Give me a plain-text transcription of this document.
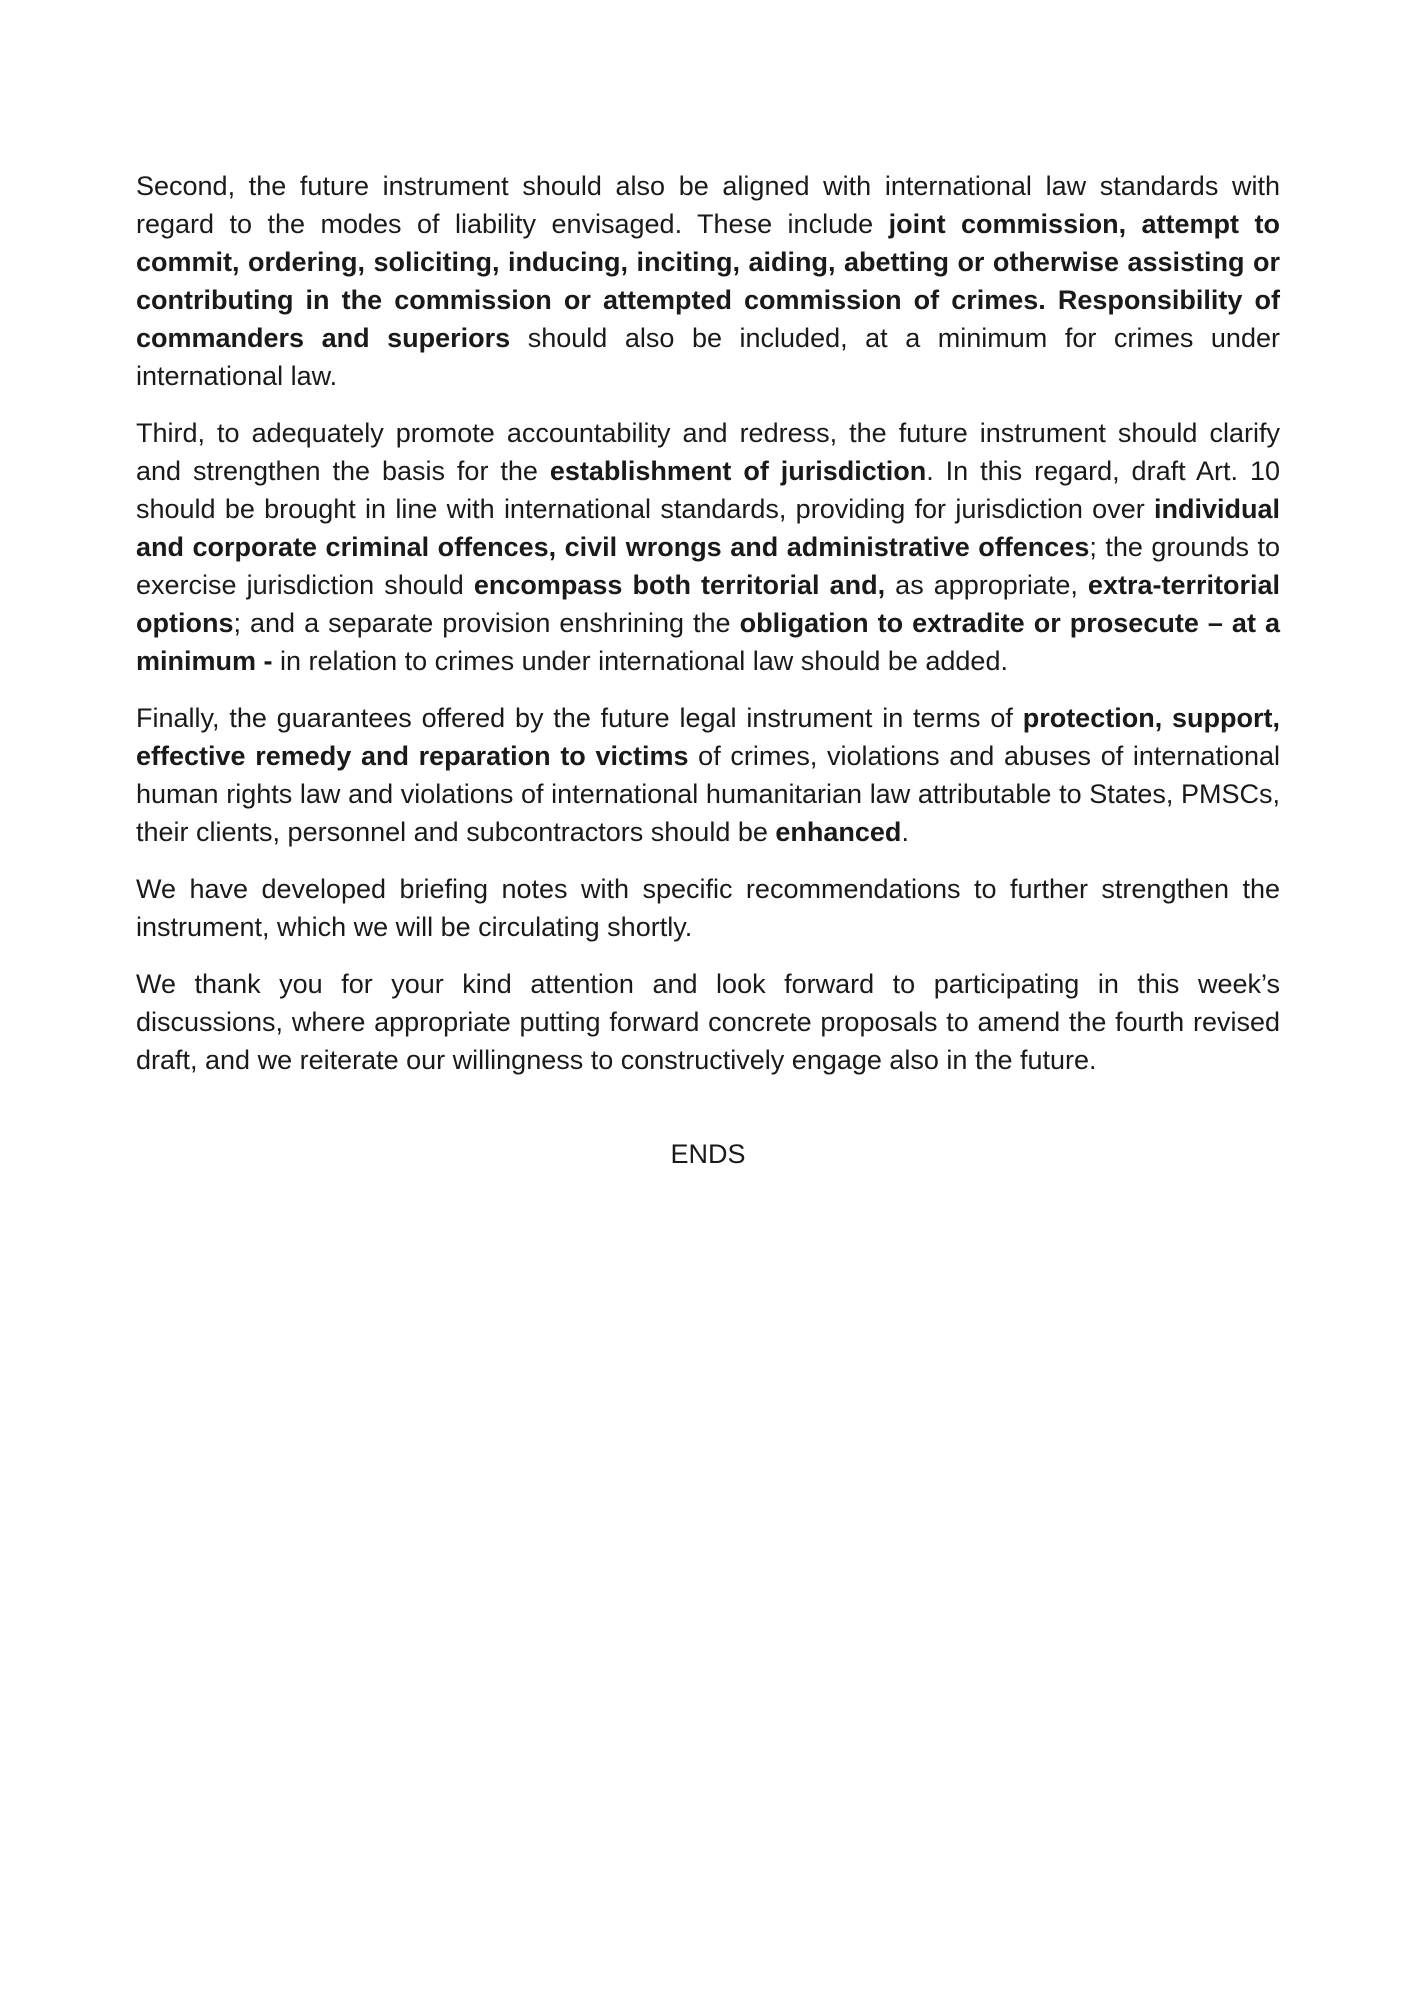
Second, the future instrument should also be aligned with international law standards with regard to the modes of liability envisaged. These include joint commission, attempt to commit, ordering, soliciting, inducing, inciting, aiding, abetting or otherwise assisting or contributing in the commission or attempted commission of crimes. Responsibility of commanders and superiors should also be included, at a minimum for crimes under international law.

Third, to adequately promote accountability and redress, the future instrument should clarify and strengthen the basis for the establishment of jurisdiction. In this regard, draft Art. 10 should be brought in line with international standards, providing for jurisdiction over individual and corporate criminal offences, civil wrongs and administrative offences; the grounds to exercise jurisdiction should encompass both territorial and, as appropriate, extra-territorial options; and a separate provision enshrining the obligation to extradite or prosecute – at a minimum - in relation to crimes under international law should be added.

Finally, the guarantees offered by the future legal instrument in terms of protection, support, effective remedy and reparation to victims of crimes, violations and abuses of international human rights law and violations of international humanitarian law attributable to States, PMSCs, their clients, personnel and subcontractors should be enhanced.

We have developed briefing notes with specific recommendations to further strengthen the instrument, which we will be circulating shortly.

We thank you for your kind attention and look forward to participating in this week’s discussions, where appropriate putting forward concrete proposals to amend the fourth revised draft, and we reiterate our willingness to constructively engage also in the future.

ENDS
